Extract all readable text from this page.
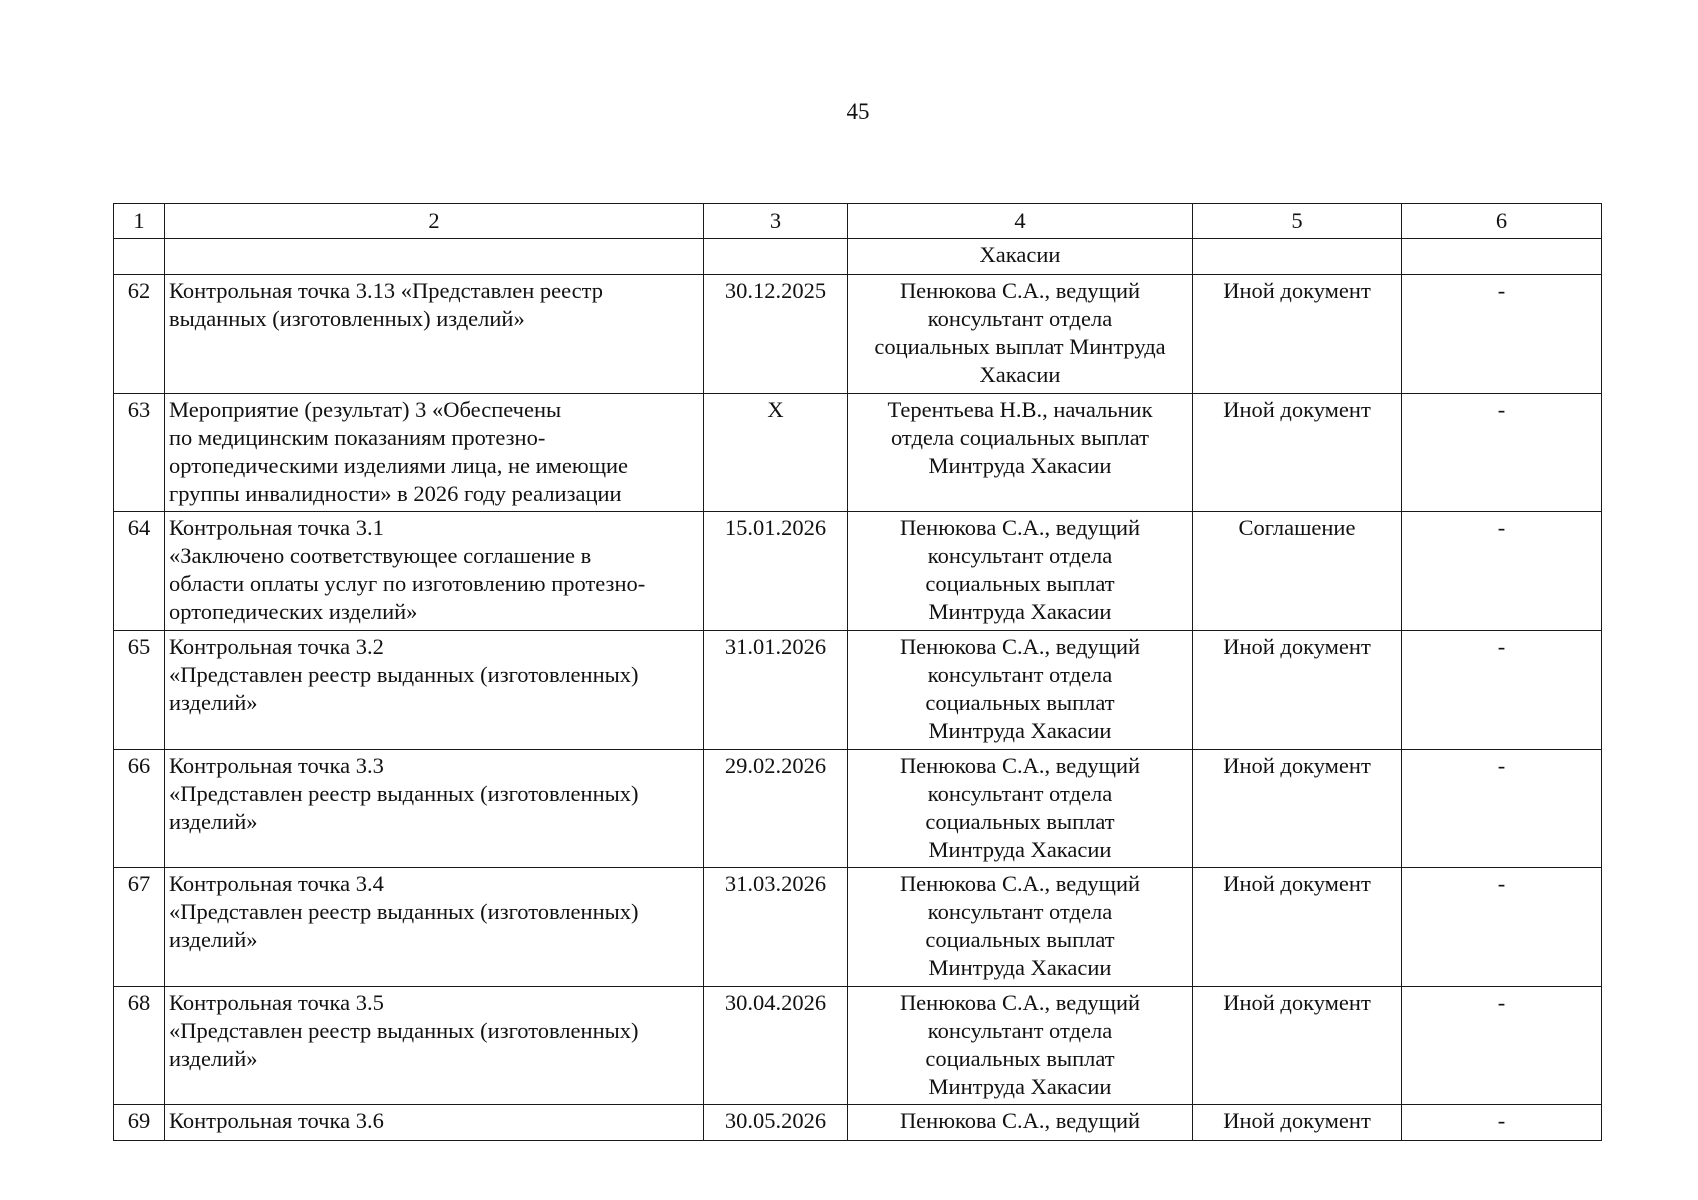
45
1	2	3	4	5	6
			Хакасии		
62	Контрольная точка 3.13 «Представлен реестр
выданных (изготовленных) изделий»	30.12.2025	Пенюкова С.А., ведущий
консультант отдела
социальных выплат Минтруда
Хакасии	Иной документ	-
63	Мероприятие (результат) 3 «Обеспечены
по медицинским показаниям протезно-
ортопедическими изделиями лица, не имеющие
группы инвалидности» в 2026 году реализации	X	Терентьева Н.В., начальник
отдела социальных выплат
Минтруда Хакасии	Иной документ	-
64	Контрольная точка 3.1
«Заключено соответствующее соглашение в
области оплаты услуг по изготовлению протезно-
ортопедических изделий»	15.01.2026	Пенюкова С.А., ведущий
консультант отдела
социальных выплат
Минтруда Хакасии	Соглашение	-
65	Контрольная точка 3.2
«Представлен реестр выданных (изготовленных)
изделий»	31.01.2026	Пенюкова С.А., ведущий
консультант отдела
социальных выплат
Минтруда Хакасии	Иной документ	-
66	Контрольная точка 3.3
«Представлен реестр выданных (изготовленных)
изделий»	29.02.2026	Пенюкова С.А., ведущий
консультант отдела
социальных выплат
Минтруда Хакасии	Иной документ	-
67	Контрольная точка 3.4
«Представлен реестр выданных (изготовленных)
изделий»	31.03.2026	Пенюкова С.А., ведущий
консультант отдела
социальных выплат
Минтруда Хакасии	Иной документ	-
68	Контрольная точка 3.5
«Представлен реестр выданных (изготовленных)
изделий»	30.04.2026	Пенюкова С.А., ведущий
консультант отдела
социальных выплат
Минтруда Хакасии	Иной документ	-
69	Контрольная точка 3.6	30.05.2026	Пенюкова С.А., ведущий	Иной документ	-
